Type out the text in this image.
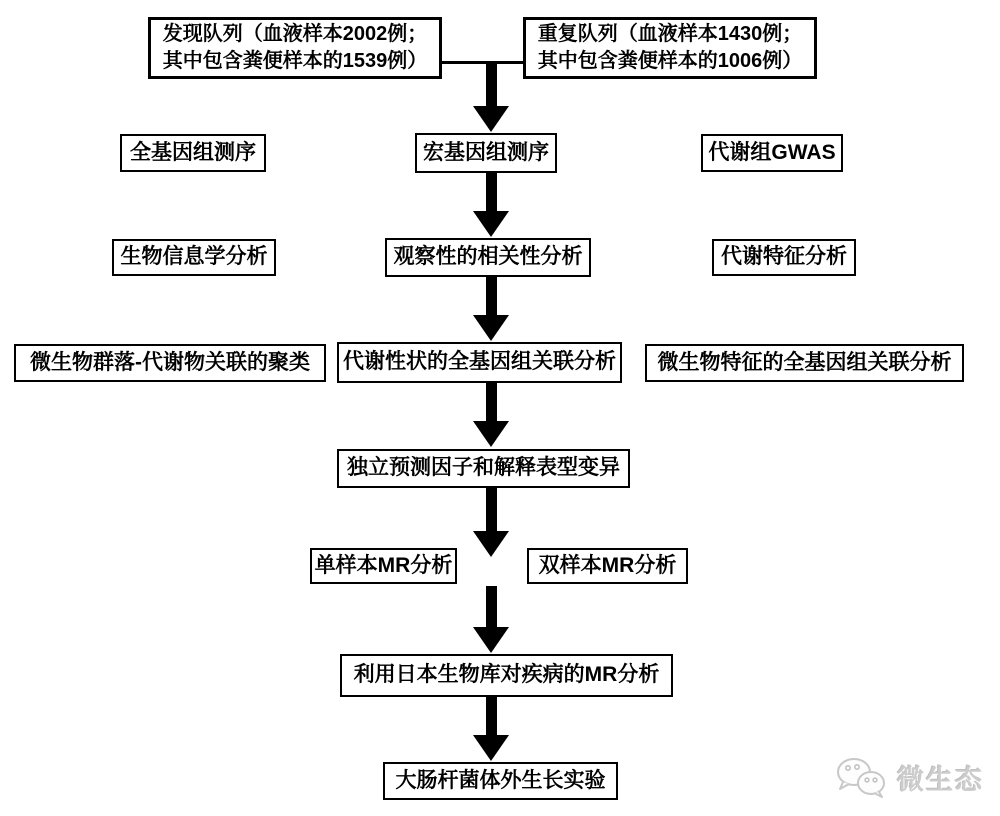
发现队列（血液样本2002例；
其中包含粪便样本的1539例）
重复队列（血液样本1430例；
其中包含粪便样本的1006例）
全基因组测序	宏基因组测序	代谢组GWAS
生物信息学分析	观察性的相关性分析	代谢特征分析
微生物群落-代谢物关联的聚类	代谢性状的全基因组关联分析	微生物特征的全基因组关联分析
独立预测因子和解释表型变异
单样本MR分析	双样本MR分析
利用日本生物库对疾病的MR分析
大肠杆菌体外生长实验	微生态
